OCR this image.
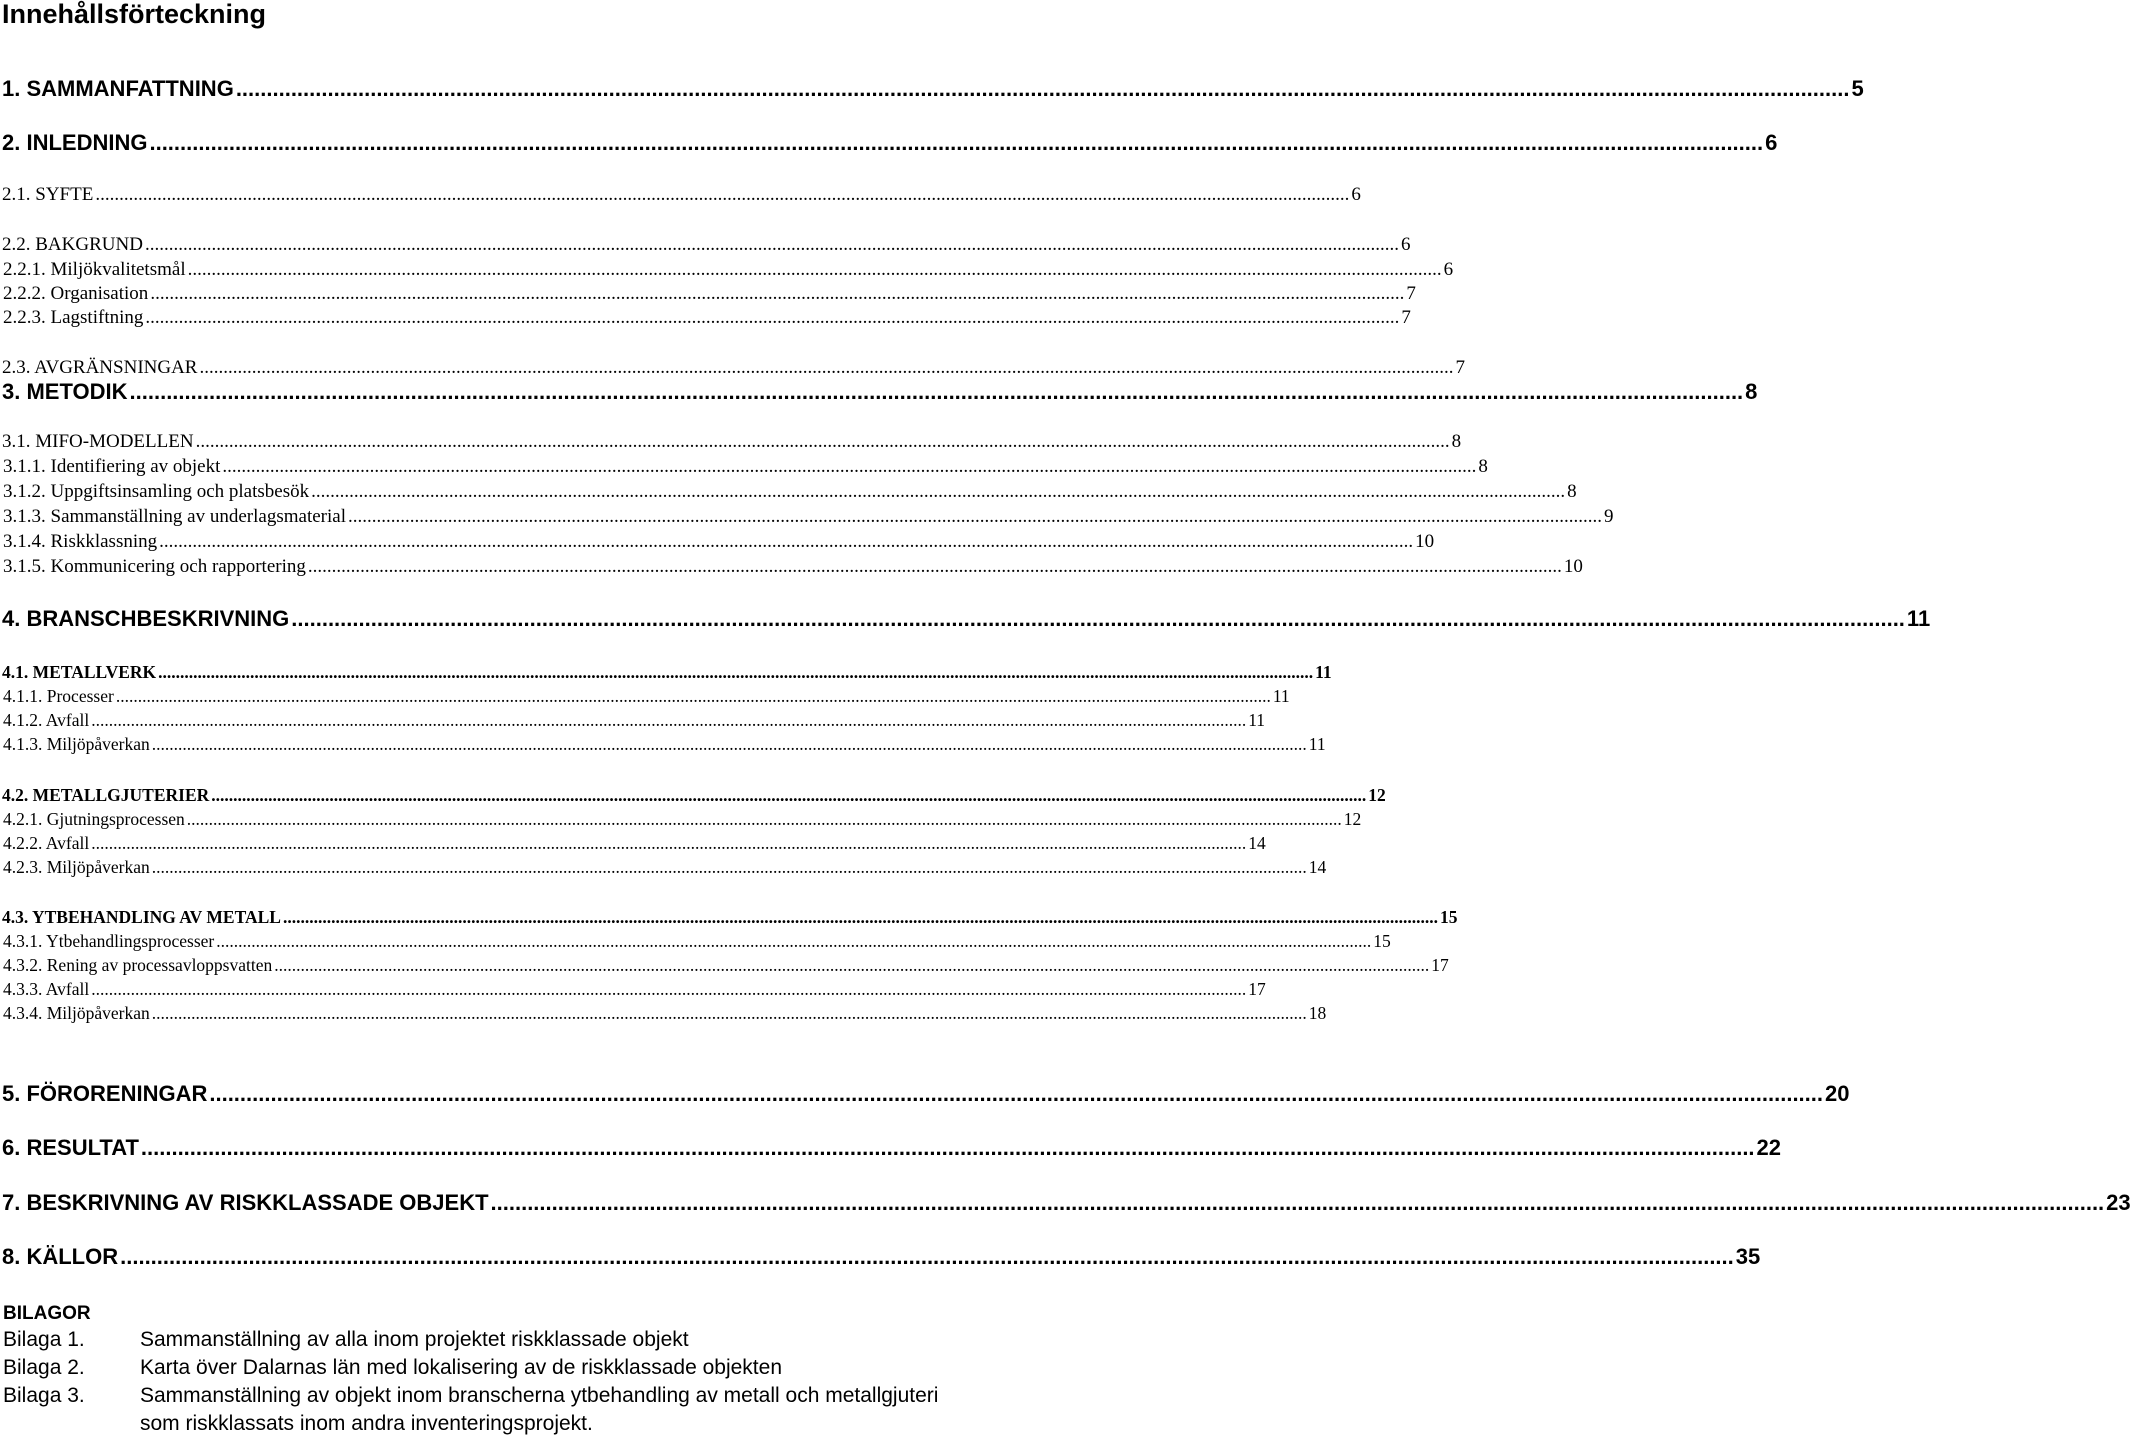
Innehållsförteckning
1. SAMMANFATTNING .....	5
2. INLEDNING .....	6
2.1. SYFTE .....	6
2.2. BAKGRUND .....	6
2.2.1. Miljökvalitetsmål .....	6
2.2.2. Organisation .....	7
2.2.3. Lagstiftning .....	7
2.3. AVGRÄNSNINGAR .....	7
3. METODIK .....	8
3.1. MIFO-MODELLEN .....	8
3.1.1. Identifiering av objekt .....	8
3.1.2. Uppgiftsinsamling och platsbesök .....	8
3.1.3. Sammanställning av underlagsmaterial .....	9
3.1.4. Riskklassning .....	10
3.1.5. Kommunicering och rapportering .....	10
4. BRANSCHBESKRIVNING .....	11
4.1. METALLVERK .....	11
4.1.1. Processer .....	11
4.1.2. Avfall .....	11
4.1.3. Miljöpåverkan .....	11
4.2. METALLGJUTERIER .....	12
4.2.1. Gjutningsprocessen .....	12
4.2.2. Avfall .....	14
4.2.3. Miljöpåverkan .....	14
4.3. YTBEHANDLING AV METALL .....	15
4.3.1. Ytbehandlingsprocesser .....	15
4.3.2. Rening av processavloppsvatten .....	17
4.3.3. Avfall .....	17
4.3.4. Miljöpåverkan .....	18
5. FÖRORENINGAR .....	20
6. RESULTAT .....	22
7. BESKRIVNING AV RISKKLASSADE OBJEKT .....	23
8. KÄLLOR .....	35
BILAGOR
Bilaga 1.	Sammanställning av alla inom projektet riskklassade objekt
Bilaga 2.	Karta över Dalarnas län med lokalisering av de riskklassade objekten
Bilaga 3.	Sammanställning av objekt inom branscherna ytbehandling av metall och metallgjuteri som riskklassats inom andra inventeringsprojekt.
